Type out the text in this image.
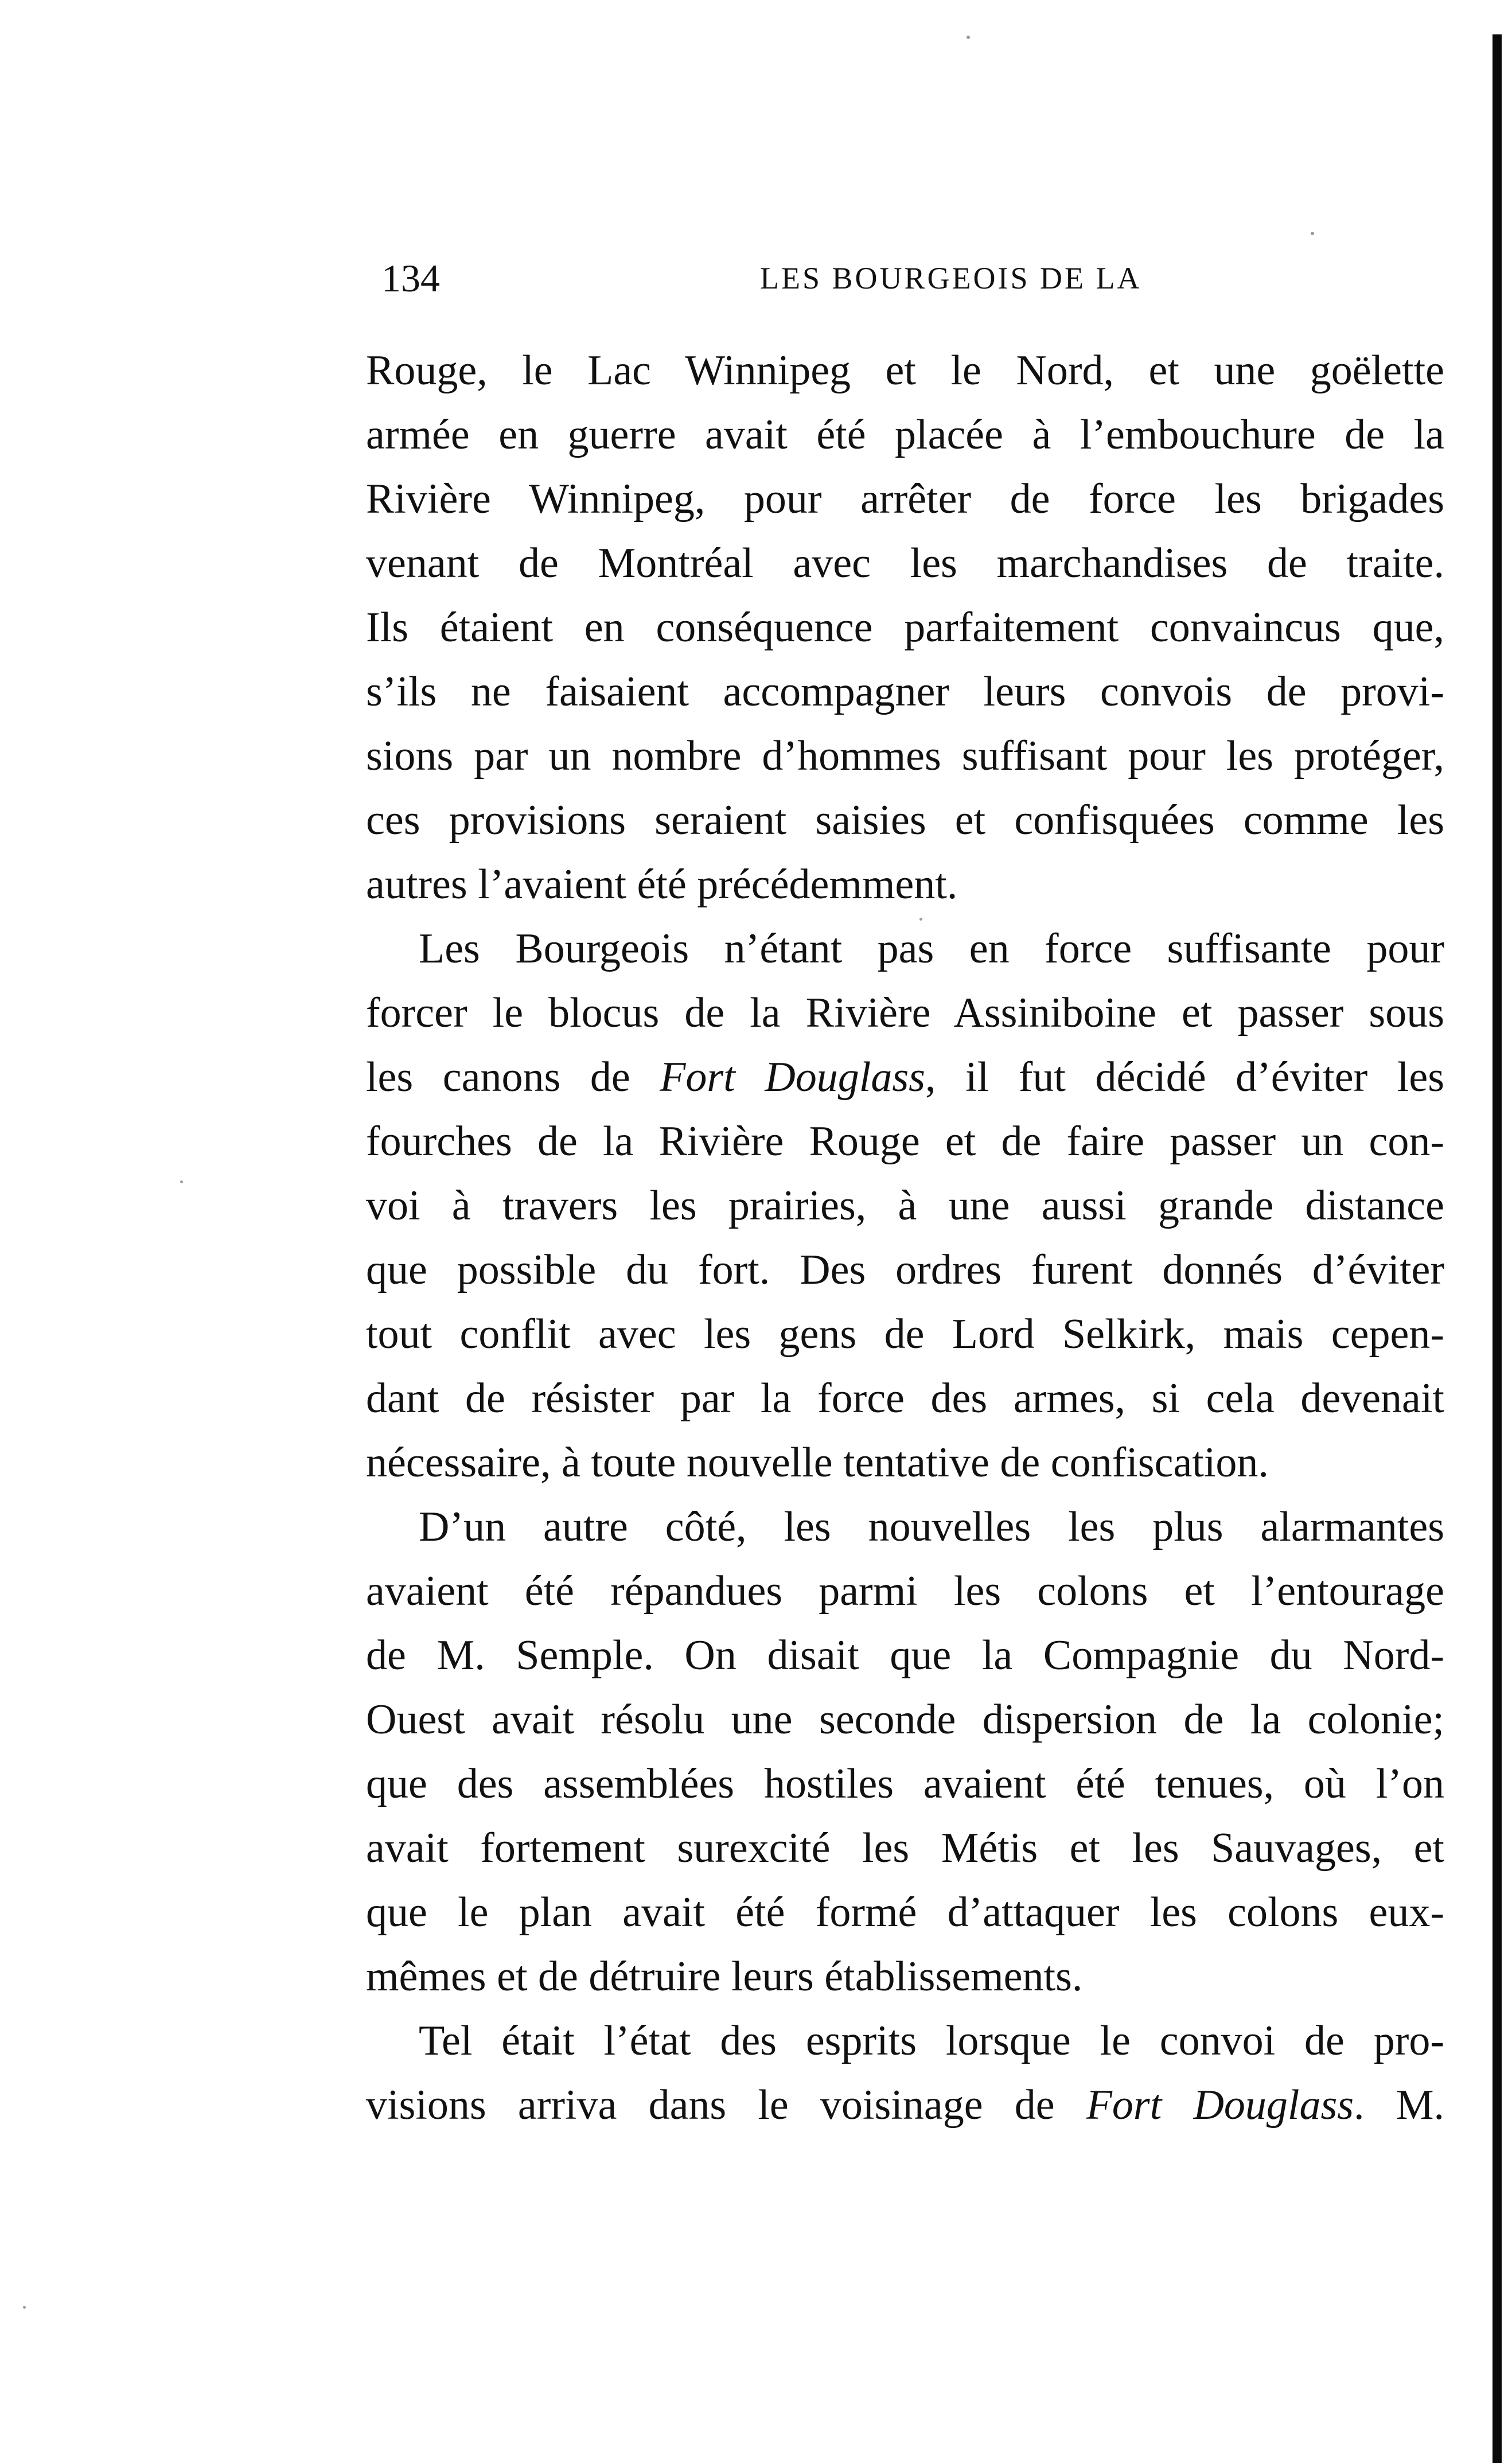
134	LES BOURGEOIS DE LA
Rouge, le Lac Winnipeg et le Nord, et une goëlette
armée en guerre avait été placée à l’embouchure de la
Rivière Winnipeg, pour arrêter de force les brigades
venant de Montréal avec les marchandises de traite.
Ils étaient en conséquence parfaitement convaincus que,
s’ils ne faisaient accompagner leurs convois de provi-
sions par un nombre d’hommes suffisant pour les protéger,
ces provisions seraient saisies et confisquées comme les
autres l’avaient été précédemment.
Les Bourgeois n’étant pas en force suffisante pour
forcer le blocus de la Rivière Assiniboine et passer sous
les canons de Fort Douglass, il fut décidé d’éviter les
fourches de la Rivière Rouge et de faire passer un con-
voi à travers les prairies, à une aussi grande distance
que possible du fort. Des ordres furent donnés d’éviter
tout conflit avec les gens de Lord Selkirk, mais cepen-
dant de résister par la force des armes, si cela devenait
nécessaire, à toute nouvelle tentative de confiscation.
D’un autre côté, les nouvelles les plus alarmantes
avaient été répandues parmi les colons et l’entourage
de M. Semple. On disait que la Compagnie du Nord-
Ouest avait résolu une seconde dispersion de la colonie;
que des assemblées hostiles avaient été tenues, où l’on
avait fortement surexcité les Métis et les Sauvages, et
que le plan avait été formé d’attaquer les colons eux-
mêmes et de détruire leurs établissements.
Tel était l’état des esprits lorsque le convoi de pro-
visions arriva dans le voisinage de Fort Douglass. M.
